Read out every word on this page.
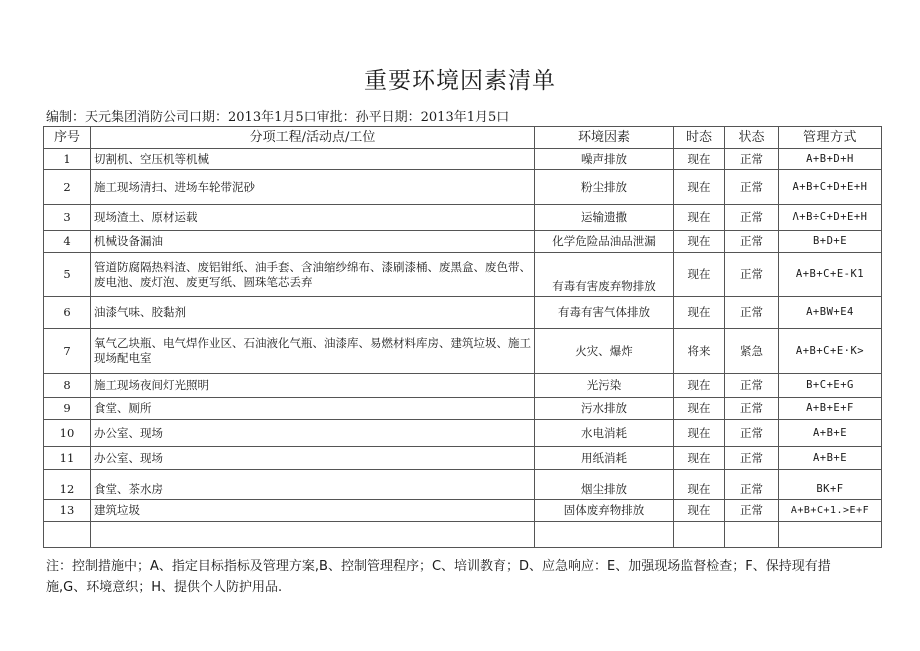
重要环境因素清单
编制：天元集团消防公司口期：2013年1月5口审批：孙平日期：2013年1月5口
序号	分项工程/活动点/工位	环境因素	时态	状态	管理方式
1	切割机、空压机等机械	噪声排放	现在	正常	A+B+D+H
2	施工现场清扫、进场车轮带泥砂	粉尘排放	现在	正常	A+B+C+D+E+H
3	现场渣土、原材运载	运输遗撒	现在	正常	Λ+B÷C+D+E+H
4	机械设备漏油	化学危险品油品泄漏	现在	正常	B+D+E
5	管道防腐隔热料渣、废铝钳纸、油手套、含油缩纱绵布、漆刷漆桶、废黑盒、废色带、废电池、废灯泡、废更写纸、圆珠笔芯丢弃	有毒有害废弃物排放	现在	正常	A+B+C+E-K1
6	油漆气味、胶黏剂	有毒有害气体排放	现在	正常	A+BW+E4
7	氧气乙块瓶、电气焊作业区、石油液化气瓶、油漆库、易燃材料库房、建筑垃圾、施工现场配电室	火灾、爆炸	将来	紧急	A+B+C+E·K>
8	施工现场夜间灯光照明	光污染	现在	正常	B+C+E+G
9	食堂、厕所	污水排放	现在	正常	A+B+E+F
10	办公室、现场	水电消耗	现在	正常	A+B+E
11	办公室、现场	用纸消耗	现在	正常	A+B+E
12	食堂、茶水房	烟尘排放	现在	正常	BK+F
13	建筑垃圾	固体废弃物排放	现在	正常	A+B+C+1.>E+F

注：控制措施中；A、指定目标指标及管理方案,B、控制管理程序；C、培训教育；D、应急响应：E、加强现场监督检查；F、保持现有措施,G、环境意织；H、提供个人防护用品.
